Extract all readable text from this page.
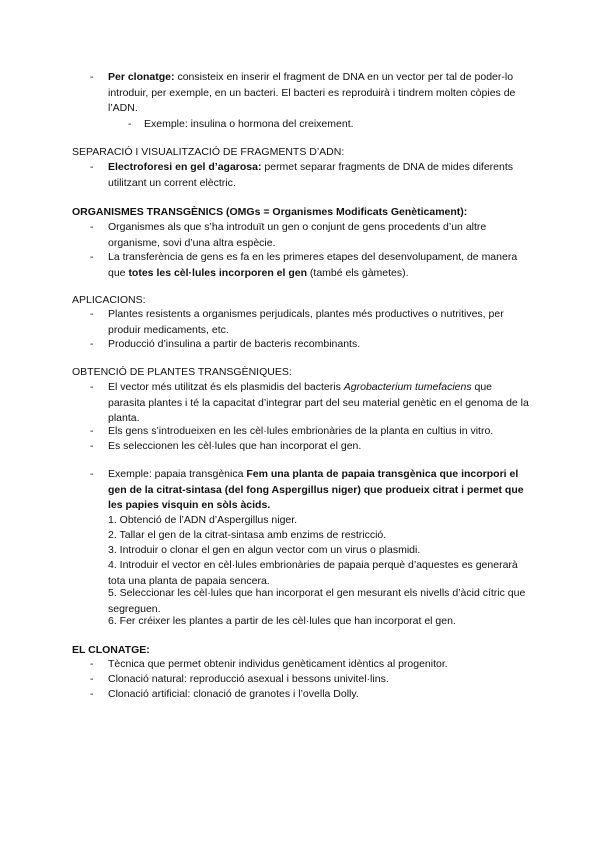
- Per clonatge: consisteix en inserir el fragment de DNA en un vector per tal de poder-lo introduir, per exemple, en un bacteri. El bacteri es reproduirà i tindrem molten còpies de l’ADN.
- Exemple: insulina o hormona del creixement.
SEPARACIÓ I VISUALITZACIÓ DE FRAGMENTS D’ADN:
- Electroforesi en gel d’agarosa: permet separar fragments de DNA de mides diferents utilitzant un corrent elèctric.
ORGANISMES TRANSGÈNICS (OMGs = Organismes Modificats Genèticament):
- Organismes als que s’ha introduït un gen o conjunt de gens procedents d’un altre organisme, sovi d’una altra espècie.
- La transferència de gens es fa en les primeres etapes del desenvolupament, de manera que totes les cèl·lules incorporen el gen (també els gàmetes).
APLICACIONS:
- Plantes resistents a organismes perjudicals, plantes més productives o nutritives, per produir medicaments, etc.
- Producció d’insulina a partir de bacteris recombinants.
OBTENCIÓ DE PLANTES TRANSGÈNIQUES:
- El vector més utilitzat és els plasmidis del bacteris Agrobacterium tumefaciens que parasita plantes i té la capacitat d’integrar part del seu material genètic en el genoma de la planta.
- Els gens s’introdueixen en les cèl·lules embrionàries de la planta en cultius in vitro.
- Es seleccionen les cèl·lules que han incorporat el gen.
- Exemple: papaia transgènica Fem una planta de papaia transgènica que incorpori el gen de la citrat-sintasa (del fong Aspergillus niger) que produeix citrat i permet que les papies visquin en sòls àcids.
1. Obtenció de l’ADN d’Aspergillus niger.
2. Tallar el gen de la citrat-sintasa amb enzims de restricció.
3. Introduir o clonar el gen en algun vector com un virus o plasmidi.
4. Introduir el vector en cèl·lules embrionàries de papaia perquè d’aquestes es generarà tota una planta de papaia sencera.
5. Seleccionar les cèl·lules que han incorporat el gen mesurant els nivells d’àcid cítric que segreguen.
6. Fer créixer les plantes a partir de les cèl·lules que han incorporat el gen.
EL CLONATGE:
- Tècnica que permet obtenir individus genèticament idèntics al progenitor.
- Clonació natural: reproducció asexual i bessons univitel·lins.
- Clonació artificial: clonació de granotes i l’ovella Dolly.
